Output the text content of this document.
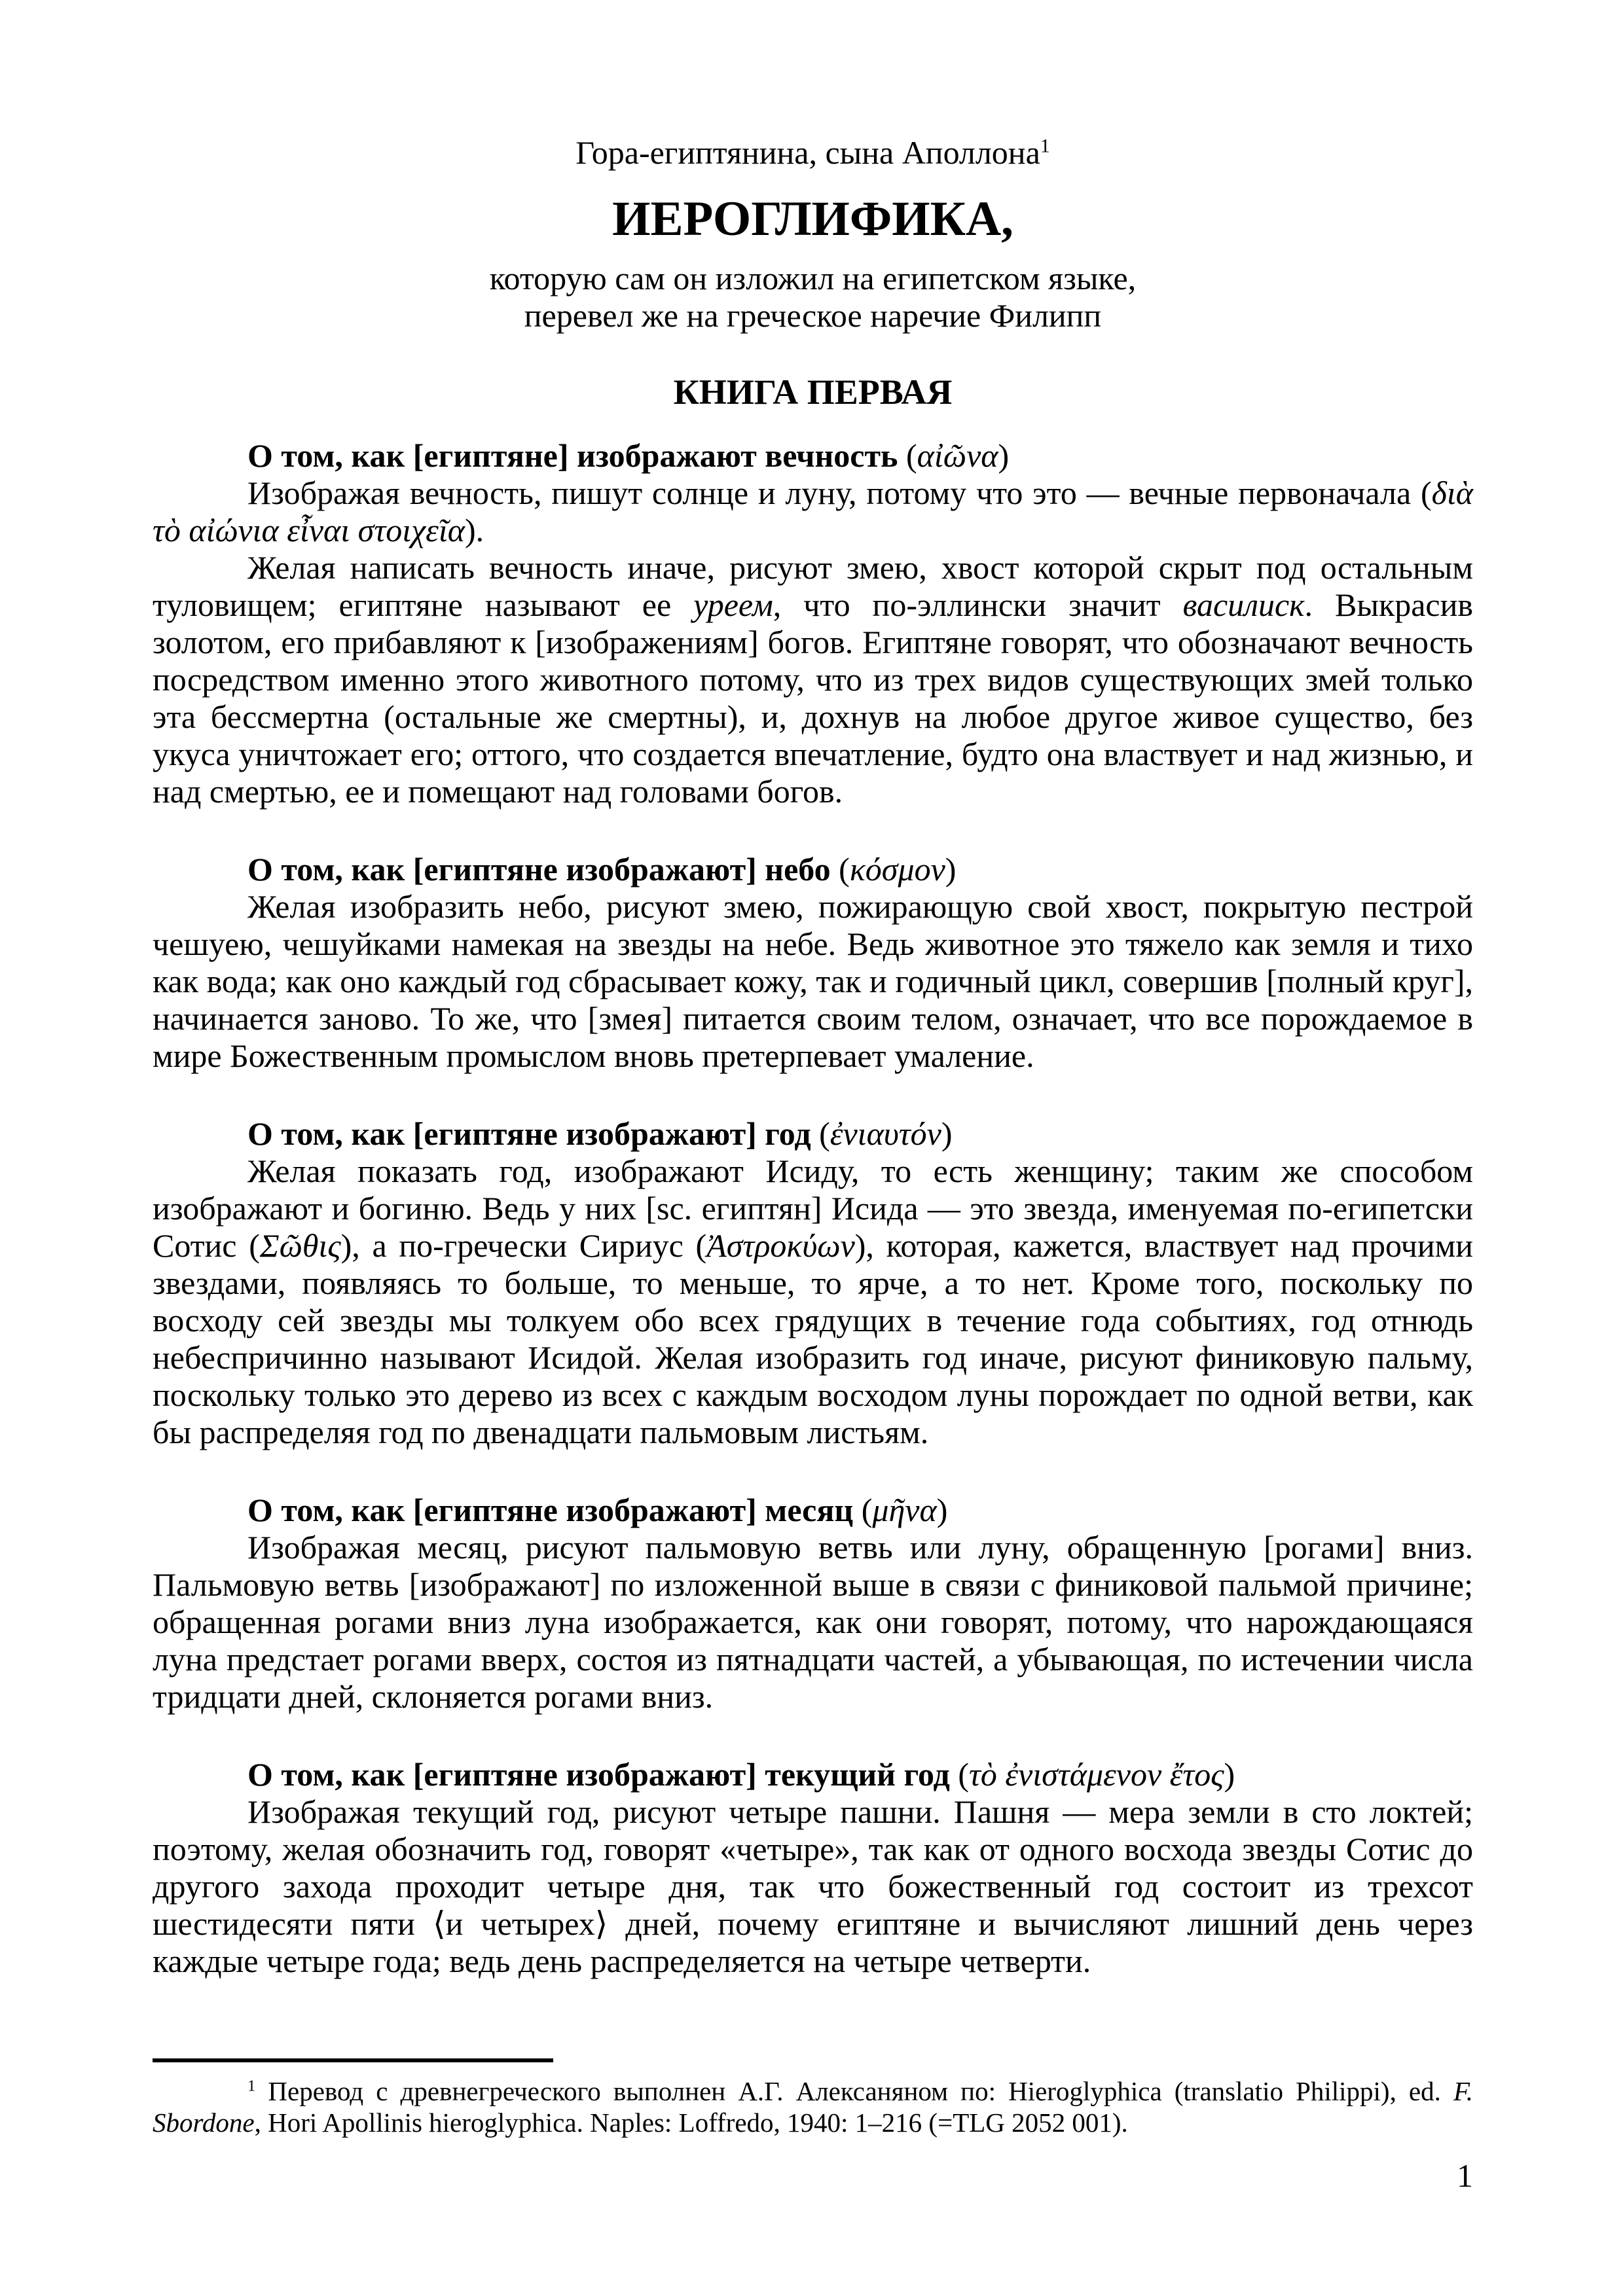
Гора-египтянина, сына Аполлона$^1$

ИЕРОГЛИФИКА,

которую сам он изложил на египетском языке,
перевел же на греческое наречие Филипп

КНИГА ПЕРВАЯ

О том, как [египтяне] изображают вечность (αἰῶνα)

Изображая вечность, пишут солнце и луну, потому что это — вечные первоначала (διὰ τὸ αἰώνια εἶναι στοιχεῖα).

Желая написать вечность иначе, рисуют змею, хвост которой скрыт под остальным туловищем; египтяне называют ее уреем, что по-эллински значит василиск. Выкрасив золотом, его прибавляют к [изображениям] богов. Египтяне говорят, что обозначают вечность посредством именно этого животного потому, что из трех видов существующих змей только эта бессмертна (остальные же смертны), и, дохнув на любое другое живое существо, без укуса уничтожает его; оттого, что создается впечатление, будто она властвует и над жизнью, и над смертью, ее и помещают над головами богов.

О том, как [египтяне изображают] небо (κόσμον)

Желая изобразить небо, рисуют змею, пожирающую свой хвост, покрытую пестрой чешуею, чешуйками намекая на звезды на небе. Ведь животное это тяжело как земля и тихо как вода; как оно каждый год сбрасывает кожу, так и годичный цикл, совершив [полный круг], начинается заново. То же, что [змея] питается своим телом, означает, что все порождаемое в мире Божественным промыслом вновь претерпевает умаление.

О том, как [египтяне изображают] год (ἐνιαυτόν)

Желая показать год, изображают Исиду, то есть женщину; таким же способом изображают и богиню. Ведь у них [sc. египтян] Исида — это звезда, именуемая по-египетски Сотис (Σῶθις), а по-гречески Сириус (Ἀστροκύων), которая, кажется, властвует над прочими звездами, появляясь то больше, то меньше, то ярче, а то нет. Кроме того, поскольку по восходу сей звезды мы толкуем обо всех грядущих в течение года событиях, год отнюдь небеспричинно называют Исидой. Желая изобразить год иначе, рисуют финиковую пальму, поскольку только это дерево из всех с каждым восходом луны порождает по одной ветви, как бы распределяя год по двенадцати пальмовым листьям.

О том, как [египтяне изображают] месяц (μῆνα)

Изображая месяц, рисуют пальмовую ветвь или луну, обращенную [рогами] вниз. Пальмовую ветвь [изображают] по изложенной выше в связи с финиковой пальмой причине; обращенная рогами вниз луна изображается, как они говорят, потому, что нарождающаяся луна предстает рогами вверх, состоя из пятнадцати частей, а убывающая, по истечении числа тридцати дней, склоняется рогами вниз.

О том, как [египтяне изображают] текущий год (τὸ ἐνιστάμενον ἔτος)

Изображая текущий год, рисуют четыре пашни. Пашня — мера земли в сто локтей; поэтому, желая обозначить год, говорят «четыре», так как от одного восхода звезды Сотис до другого захода проходит четыре дня, так что божественный год состоит из трехсот шестидесяти пяти ⟨и четырех⟩ дней, почему египтяне и вычисляют лишний день через каждые четыре года; ведь день распределяется на четыре четверти.

$^1$ Перевод с древнегреческого выполнен А.Г. Алексаняном по: Hieroglyphica (translatio Philippi), ed. F. Sbordone, Hori Apollinis hieroglyphica. Naples: Loffredo, 1940: 1–216 (=TLG 2052 001).

1
